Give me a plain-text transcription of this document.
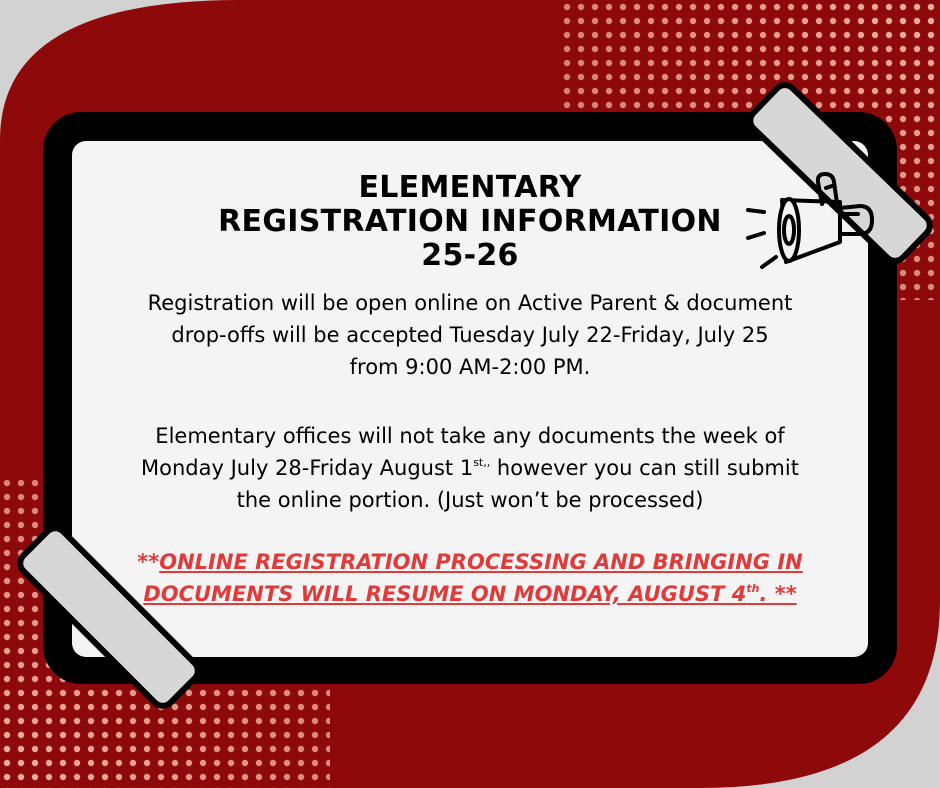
ELEMENTARY
REGISTRATION INFORMATION
25-26
Registration will be open online on Active Parent & document
drop-offs will be accepted Tuesday July 22-Friday, July 25
from 9:00 AM-2:00 PM.
Elementary offices will not take any documents the week of
Monday July 28-Friday August $1^{st,,}$ however you can still submit
the online portion. (Just won’t be processed)
**ONLINE REGISTRATION PROCESSING AND BRINGING IN
DOCUMENTS WILL RESUME ON MONDAY, AUGUST 4th. **
